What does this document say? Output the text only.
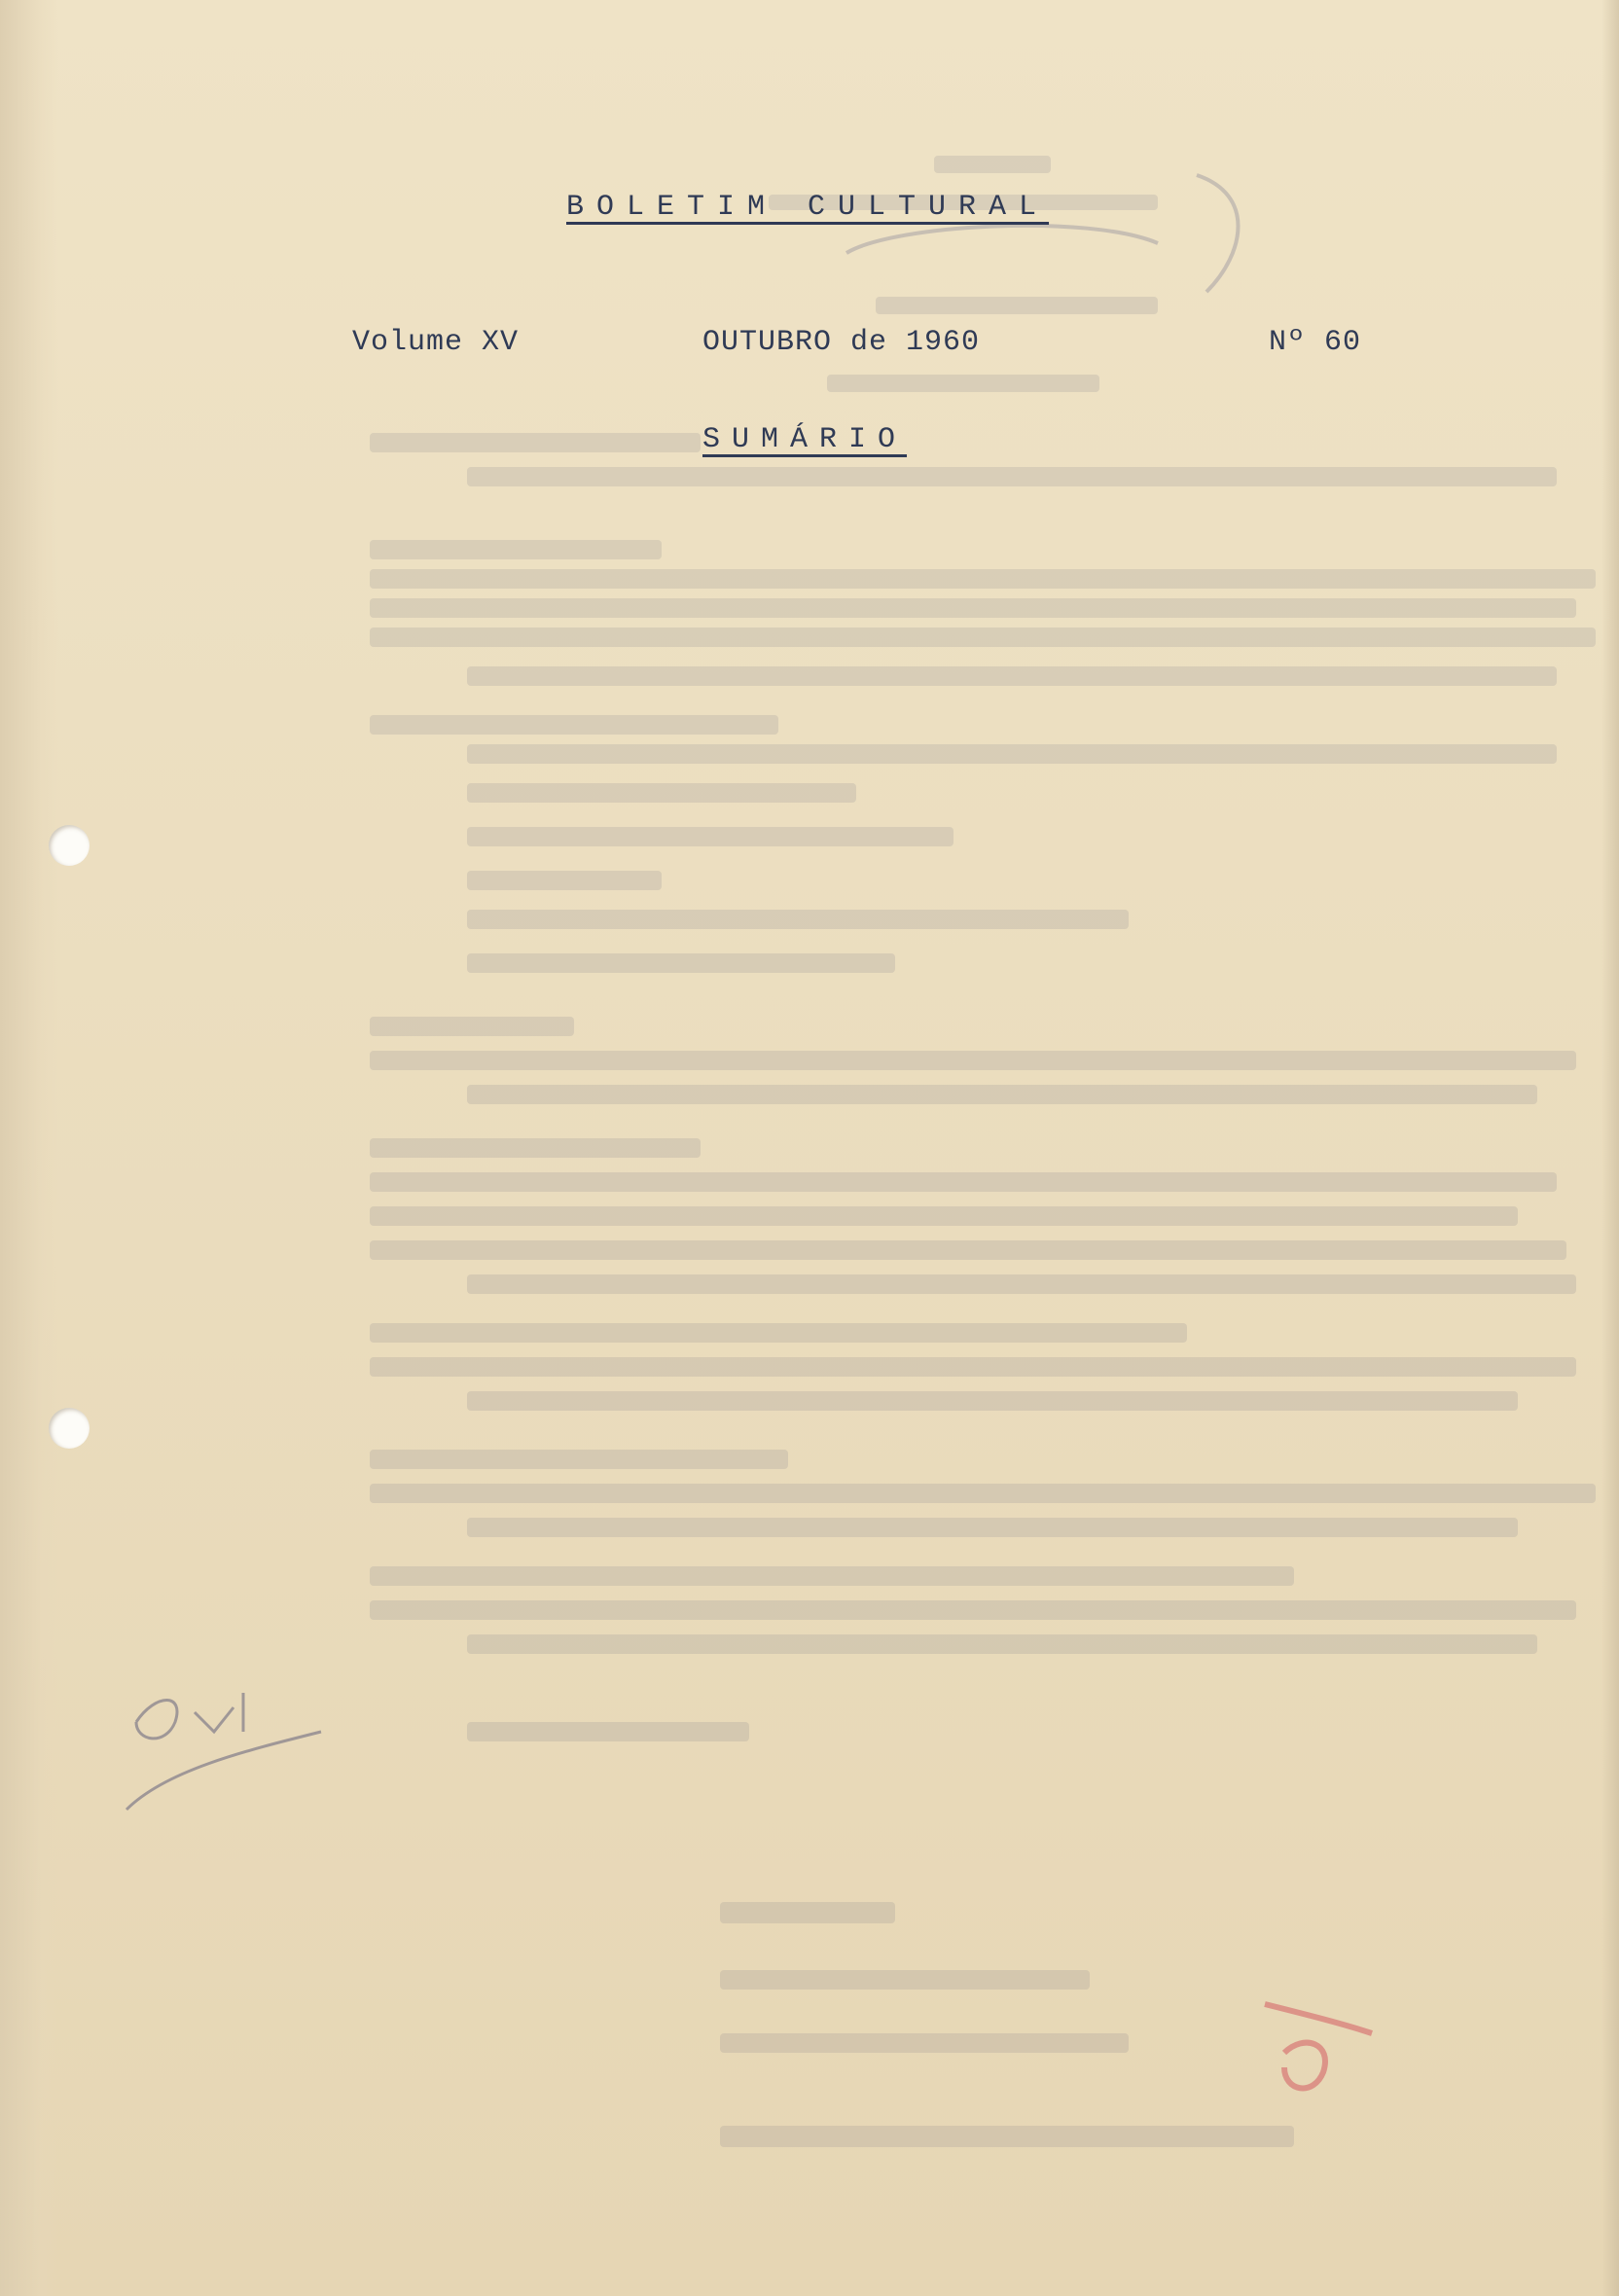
BOLETIM CULTURAL
Volume XV	OUTUBRO de 1960	Nº 60
SUMÁRIO
